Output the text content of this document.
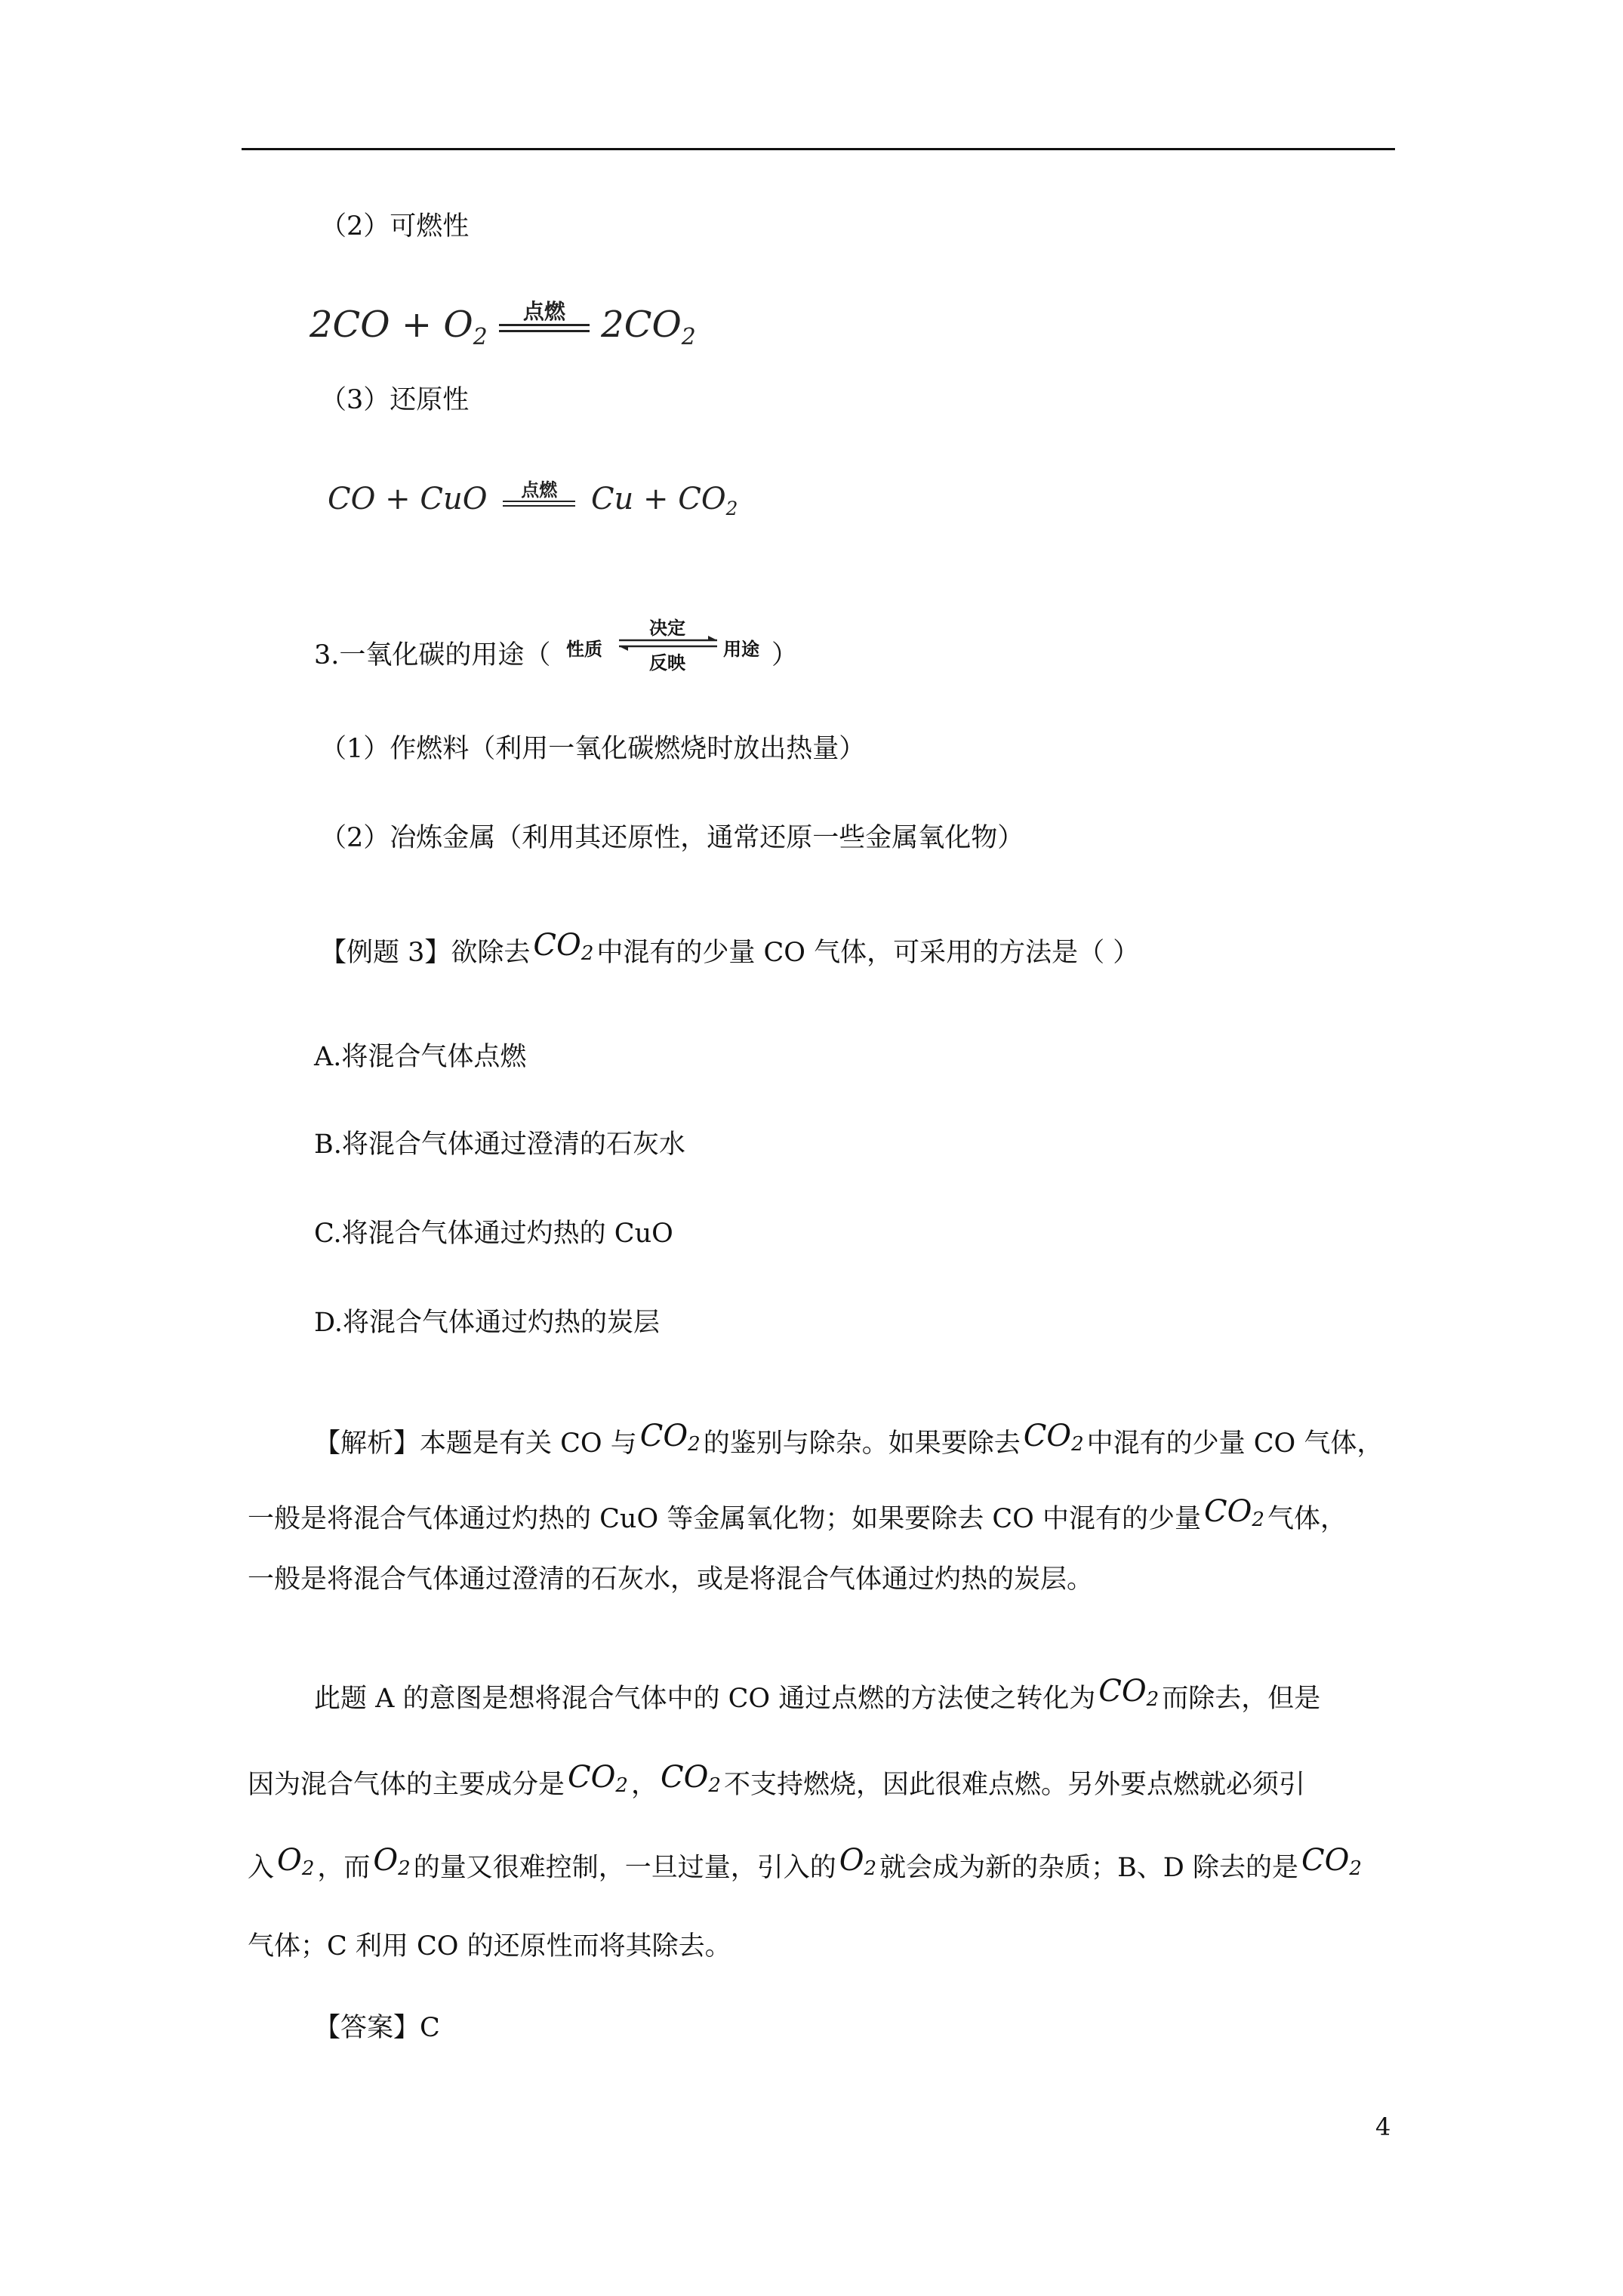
（2）可燃性
2CO + O2
点燃 2CO2
（3）还原性
CO + CuO	点燃	Cu + CO2
3.一氧化碳的用途（ 性质
决定
反映
用途 ）
（1）作燃料（利用一氧化碳燃烧时放出热量）
（2）冶炼金属（利用其还原性，通常还原一些金属氧化物）
【例题 3】欲除去 CO2 中混有的少量 CO 气体，可采用的方法是（ ）
A.将混合气体点燃
B.将混合气体通过澄清的石灰水
C.将混合气体通过灼热的 CuO
D.将混合气体通过灼热的炭层
【解析】本题是有关 CO 与 CO2 的鉴别与除杂。如果要除去 CO2 中混有的少量 CO 气体，
一般是将混合气体通过灼热的 CuO 等金属氧化物；如果要除去 CO 中混有的少量 CO2 气体，
一般是将混合气体通过澄清的石灰水，或是将混合气体通过灼热的炭层。
此题 A 的意图是想将混合气体中的 CO 通过点燃的方法使之转化为 CO2 而除去，但是
因为混合气体的主要成分是 CO2 ， CO2 不支持燃烧，因此很难点燃。另外要点燃就必须引
入 O2 ，而 O2 的量又很难控制，一旦过量，引入的 O2 就会成为新的杂质；B、D 除去的是 CO2
气体；C 利用 CO 的还原性而将其除去。
【答案】C
4
